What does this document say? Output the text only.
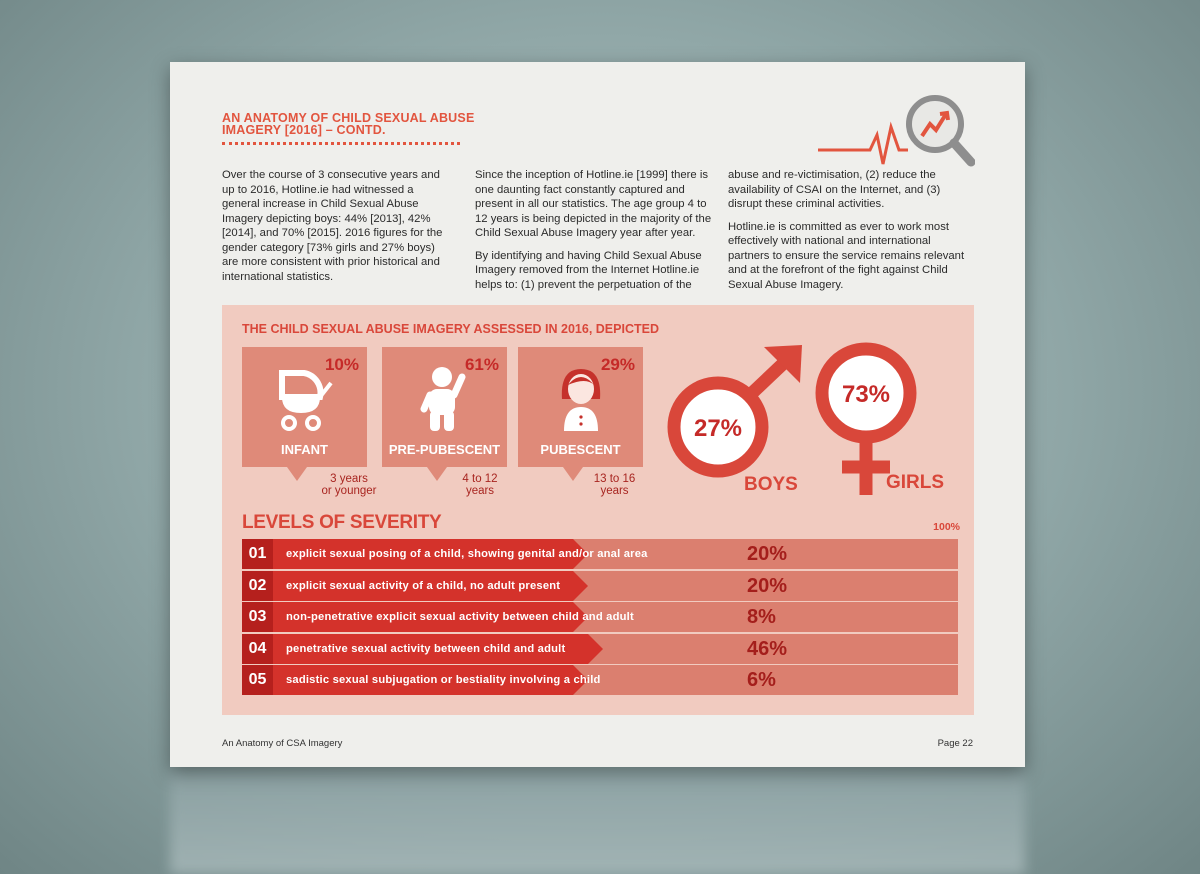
AN ANATOMY OF CHILD SEXUAL ABUSE
IMAGERY [2016] – CONTD.

Over the course of 3 consecutive years and up to 2016, Hotline.ie had witnessed a general increase in Child Sexual Abuse Imagery depicting boys: 44% [2013], 42% [2014], and 70% [2015]. 2016 figures for the gender category [73% girls and 27% boys) are more consistent with prior historical and international statistics.

Since the inception of Hotline.ie [1999] there is one daunting fact constantly captured and present in all our statistics. The age group 4 to 12 years is being depicted in the majority of the Child Sexual Abuse Imagery year after year.

By identifying and having Child Sexual Abuse Imagery removed from the Internet Hotline.ie helps to: (1) prevent the perpetuation of the

abuse and re-victimisation, (2) reduce the availability of CSAI on the Internet, and (3) disrupt these criminal activities.

Hotline.ie is committed as ever to work most effectively with national and international partners to ensure the service remains relevant and at the forefront of the fight against Child Sexual Abuse Imagery.

THE CHILD SEXUAL ABUSE IMAGERY ASSESSED IN 2016, DEPICTED
10%
INFANT
3 years
or younger
61%
PRE-PUBESCENT
4 to 12
years
29%
PUBESCENT
13 to 16
years
27%
BOYS
73%
GIRLS
LEVELS OF SEVERITY	100%
01	explicit sexual posing of a child, showing genital and/or anal area	20%
02	explicit sexual activity of a child, no adult present	20%
03	non-penetrative explicit sexual activity between child and adult	8%
04	penetrative sexual activity between child and adult	46%
05	sadistic sexual subjugation or bestiality involving a child	6%
An Anatomy of CSA Imagery	Page 22
